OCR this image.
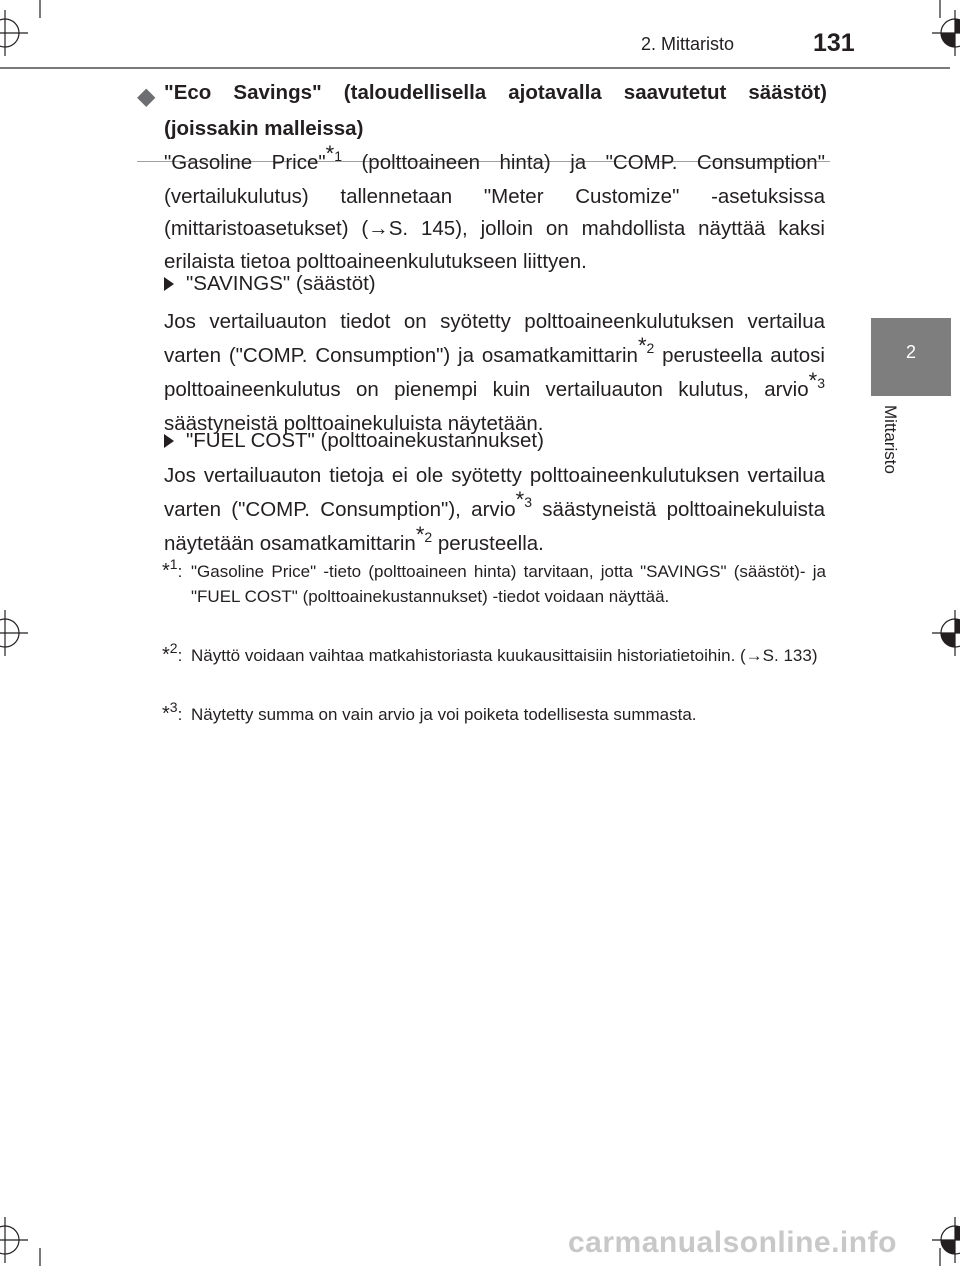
2. Mittaristo	131
2
Mittaristo
◆ "Eco Savings" (taloudellisella ajotavalla saavutetut säästöt) (joissakin malleissa)
"Gasoline Price"$^{*1}$ (polttoaineen hinta) ja "COMP. Consumption" (vertailukulutus) tallennetaan "Meter Customize" -asetuksissa (mittaristoasetukset) (→S. 145), jolloin on mahdollista näyttää kaksi erilaista tietoa polttoaineenkulutukseen liittyen.
"SAVINGS" (säästöt)
Jos vertailuauton tiedot on syötetty polttoaineenkulutuksen vertailua varten ("COMP. Consumption") ja osamatkamittarin$^{*2}$ perusteella autosi polttoaineenkulutus on pienempi kuin vertailuauton kulutus, arvio$^{*3}$ säästyneistä polttoainekuluista näytetään.
"FUEL COST" (polttoainekustannukset)
Jos vertailuauton tietoja ei ole syötetty polttoaineenkulutuksen vertailua varten ("COMP. Consumption"), arvio$^{*3}$ säästyneistä polttoainekuluista näytetään osamatkamittarin$^{*2}$ perusteella.
*$^1$: "Gasoline Price" -tieto (polttoaineen hinta) tarvitaan, jotta "SAVINGS" (säästöt)- ja "FUEL COST" (polttoainekustannukset) -tiedot voidaan näyttää.
*$^2$: Näyttö voidaan vaihtaa matkahistoriasta kuukausittaisiin historiatietoihin. (→S. 133)
*$^3$: Näytetty summa on vain arvio ja voi poiketa todellisesta summasta.
carmanualsonline.info
